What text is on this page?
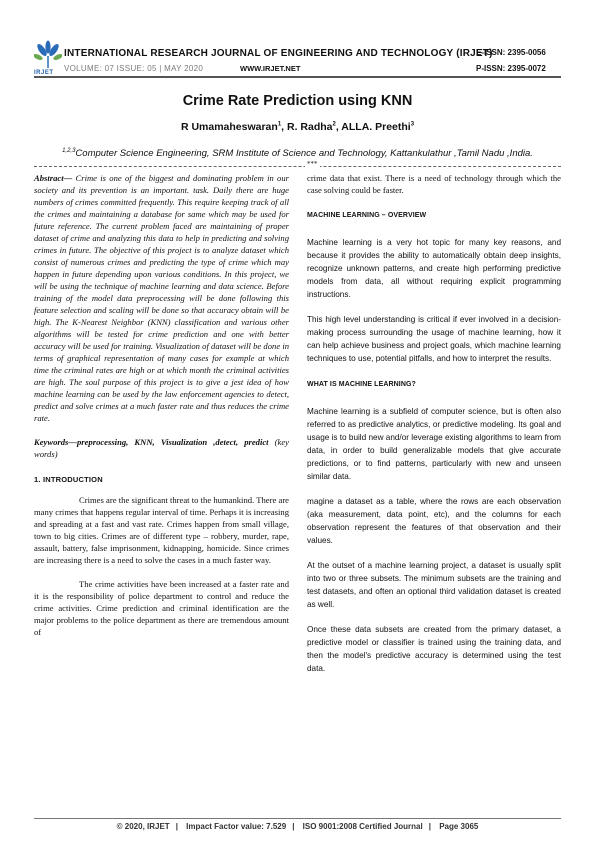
IRJET
INTERNATIONAL RESEARCH JOURNAL OF ENGINEERING AND TECHNOLOGY (IRJET)
VOLUME: 07 ISSUE: 05 | MAY 2020	WWW.IRJET.NET
E-ISSN: 2395-0056
P-ISSN: 2395-0072
Crime Rate Prediction using KNN
R Umamaheswaran$^1$, R. Radha$^2$, ALLA. Preethi$^3$
$^{1,2,3}$Computer Science Engineering, SRM Institute of Science and Technology, Kattankulathur ,Tamil Nadu ,India.
***

Abstract— Crime is one of the biggest and dominating problem in our society and its prevention is an important. task. Daily there are huge numbers of crimes committed frequently. This require keeping track of all the crimes and maintaining a database for same which may be used for future reference. The current problem faced are maintaining of proper dataset of crime and analyzing this data to help in predicting and solving crimes in future. The objective of this project is to analyze dataset which consist of numerous crimes and predicting the type of crime which may happen in future depending upon various conditions. In this project, we will be using the technique of machine learning and data science. Before training of the model data preprocessing will be done following this feature selection and scaling will be done so that accuracy obtain will be high. The K-Nearest Neighbor (KNN) classification and various other algorithms will be tested for crime prediction and one with better accuracy will be used for training. Visualization of dataset will be done in terms of graphical representation of many cases for example at which time the criminal rates are high or at which month the criminal activities are high. The soul purpose of this project is to give a jest idea of how machine learning can be used by the law enforcement agencies to detect, predict and solve crimes at a much faster rate and thus reduces the crime rate.

Keywords—preprocessing, KNN, Visualization ,detect, predict (key words)

1. INTRODUCTION

Crimes are the significant threat to the humankind. There are many crimes that happens regular interval of time. Perhaps it is increasing and spreading at a fast and vast rate. Crimes happen from small village, town to big cities. Crimes are of different type – robbery, murder, rape, assault, battery, false imprisonment, kidnapping, homicide. Since crimes are increasing there is a need to solve the cases in a much faster way.

The crime activities have been increased at a faster rate and it is the responsibility of police department to control and reduce the crime activities. Crime prediction and criminal identification are the major problems to the police department as there are tremendous amount of

crime data that exist. There is a need of technology through which the case solving could be faster.

MACHINE LEARNING – OVERVIEW

Machine learning is a very hot topic for many key reasons, and because it provides the ability to automatically obtain deep insights, recognize unknown patterns, and create high performing predictive models from data, all without requiring explicit programming instructions.

This high level understanding is critical if ever involved in a decision-making process surrounding the usage of machine learning, how it can help achieve business and project goals, which machine learning techniques to use, potential pitfalls, and how to interpret the results.

WHAT IS MACHINE LEARNING?

Machine learning is a subfield of computer science, but is often also referred to as predictive analytics, or predictive modeling. Its goal and usage is to build new and/or leverage existing algorithms to learn from data, in order to build generalizable models that give accurate predictions, or to find patterns, particularly with new and unseen similar data.

magine a dataset as a table, where the rows are each observation (aka measurement, data point, etc), and the columns for each observation represent the features of that observation and their values.

At the outset of a machine learning project, a dataset is usually split into two or three subsets. The minimum subsets are the training and test datasets, and often an optional third validation dataset is created as well.

Once these data subsets are created from the primary dataset, a predictive model or classifier is trained using the training data, and then the model's predictive accuracy is determined using the test data.

© 2020, IRJET | Impact Factor value: 7.529 | ISO 9001:2008 Certified Journal | Page 3065
